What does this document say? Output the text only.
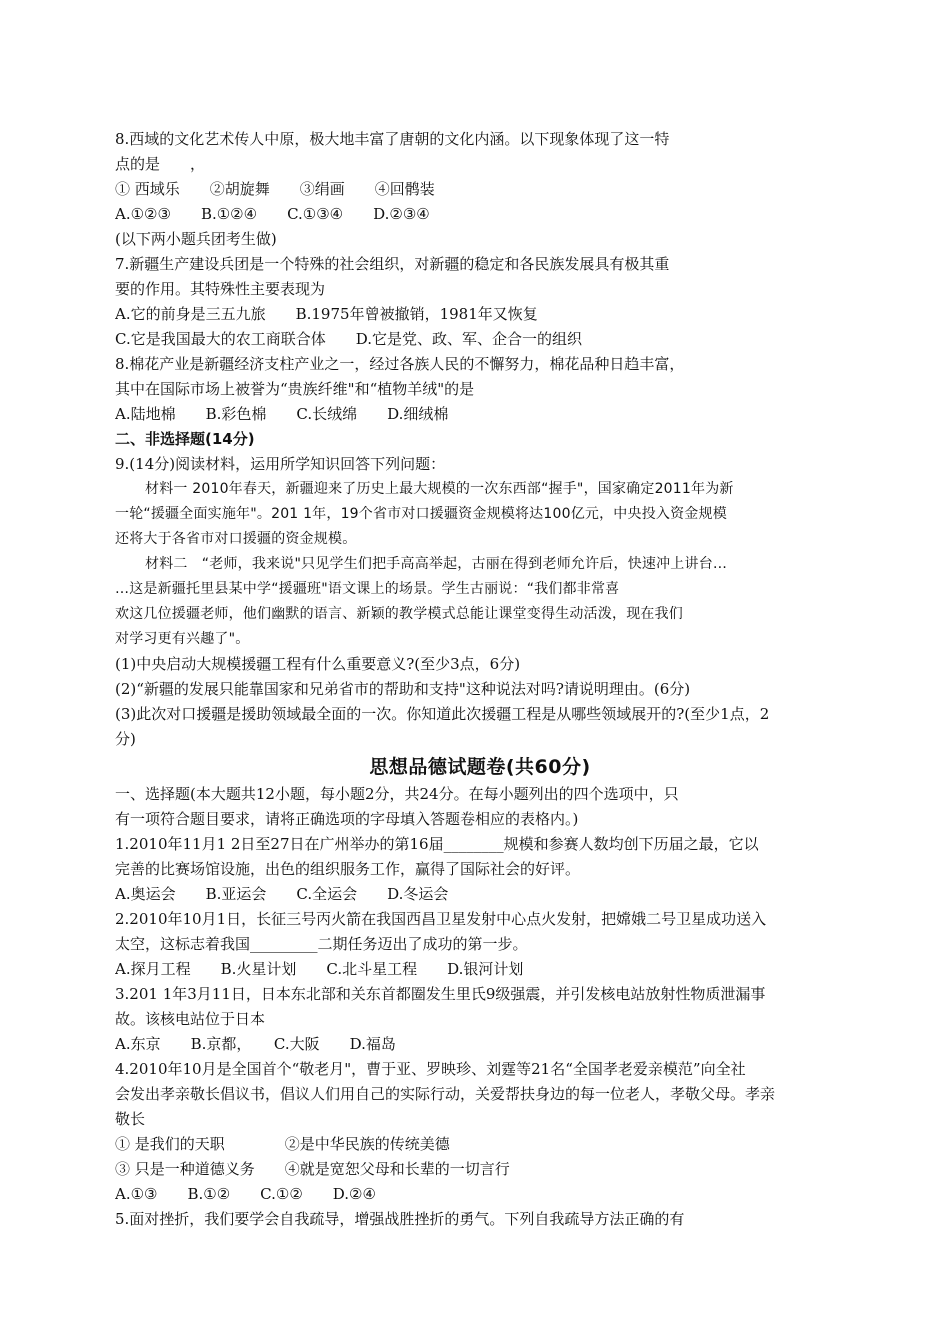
8.西域的文化艺术传人中原，极大地丰富了唐朝的文化内涵。以下现象体现了这一特
点的是　　，
① 西域乐　　②胡旋舞　　③绢画　　④回鹘装
A.①②③　　B.①②④　　C.①③④　　D.②③④
(以下两小题兵团考生做)
7.新疆生产建设兵团是一个特殊的社会组织，对新疆的稳定和各民族发展具有极其重
要的作用。其特殊性主要表现为
A.它的前身是三五九旅　　B.1975年曾被撤销，1981年又恢复
C.它是我国最大的农工商联合体　　D.它是党、政、军、企合一的组织
8.棉花产业是新疆经济支柱产业之一，经过各族人民的不懈努力，棉花品种日趋丰富，
其中在国际市场上被誉为“贵族纤维"和“植物羊绒"的是
A.陆地棉　　B.彩色棉　　C.长绒绵　　D.细绒棉
二、非选择题(14分)
9.(14分)阅读材料，运用所学知识回答下列问题：
材料一 2010年春天，新疆迎来了历史上最大规模的一次东西部“握手"，国家确定2011年为新
一轮“援疆全面实施年"。201 1年，19个省市对口援疆资金规模将达100亿元，中央投入资金规模
还将大于各省市对口援疆的资金规模。
材料二　“老师，我来说"只见学生们把手高高举起，古丽在得到老师允许后，快速冲上讲台…
…这是新疆托里县某中学“援疆班"语文课上的场景。学生古丽说：“我们都非常喜
欢这几位援疆老师，他们幽默的语言、新颖的教学模式总能让课堂变得生动活泼，现在我们
对学习更有兴趣了"。
(1)中央启动大规模援疆工程有什么重要意义?(至少3点，6分)
(2)“新疆的发展只能靠国家和兄弟省市的帮助和支持"这种说法对吗?请说明理由。(6分)
(3)此次对口援疆是援助领域最全面的一次。你知道此次援疆工程是从哪些领域展开的?(至少1点，2
分)
思想品德试题卷(共60分)
一、选择题(本大题共12小题，每小题2分，共24分。在每小题列出的四个选项中，只
有一项符合题目要求，请将正确选项的字母填入答题卷相应的表格内。)
1.2010年11月1 2日至27日在广州举办的第16届________规模和参赛人数均创下历届之最，它以
完善的比赛场馆设施，出色的组织服务工作，赢得了国际社会的好评。
A.奥运会　　B.亚运会　　C.全运会　　D.冬运会
2.2010年10月1日，长征三号丙火箭在我国西昌卫星发射中心点火发射，把嫦娥二号卫星成功送入
太空，这标志着我国_________二期任务迈出了成功的第一步。
A.探月工程　　B.火星计划　　C.北斗星工程　　D.银河计划
3.201 1年3月11日，日本东北部和关东首都圈发生里氏9级强震，并引发核电站放射性物质泄漏事
故。该核电站位于日本
A.东京　　B.京都，　　C.大阪　　D.福岛
4.2010年10月是全国首个“敬老月"，曹于亚、罗映珍、刘霆等21名“全国孝老爱亲模范”向全社
会发出孝亲敬长倡议书，倡议人们用自己的实际行动，关爱帮扶身边的每一位老人，孝敬父母。孝亲
敬长
① 是我们的天职　　　　②是中华民族的传统美德
③ 只是一种道德义务　　④就是宽恕父母和长辈的一切言行
A.①③　　B.①②　　C.①②　　D.②④
5.面对挫折，我们要学会自我疏导，增强战胜挫折的勇气。下列自我疏导方法正确的有
